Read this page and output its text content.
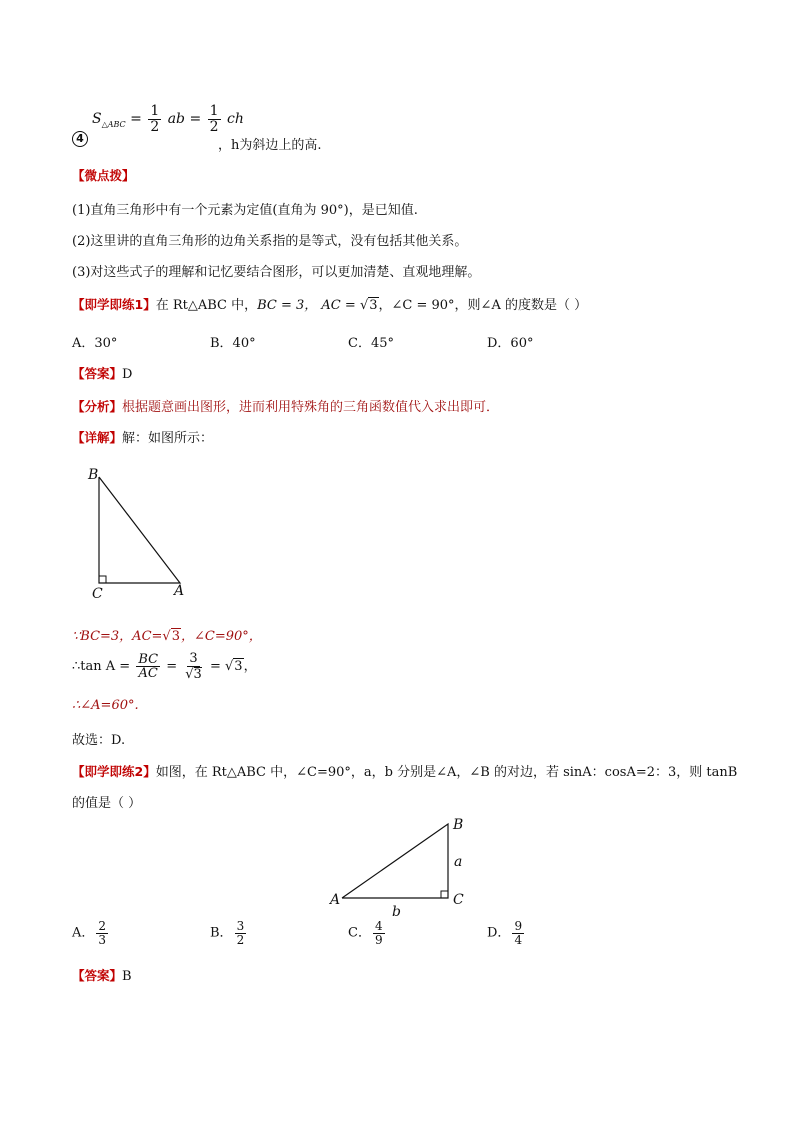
4
$S_{\triangle ABC} = \frac{1}{2}$ ab = $\frac{1}{2}$ ch
，h为斜边上的高.
【微点拨】
(1)直角三角形中有一个元素为定值(直角为 90°)，是已知值.
(2)这里讲的直角三角形的边角关系指的是等式，没有包括其他关系。
(3)对这些式子的理解和记忆要结合图形，可以更加清楚、直观地理解。
【即学即练1】在 Rt△ABC 中，BC = 3， AC = √3，∠C = 90°，则∠A 的度数是（ ）
A．30°	B．40°	C．45°	D．60°
【答案】D
【分析】根据题意画出图形，进而利用特殊角的三角函数值代入求出即可．
【详解】解：如图所示：
B
C	A
∵BC=3，AC=√3，∠C=90°，
∴tan $A = \frac{BC}{AC} = \frac{3}{√3} = √3$，
∴∠A=60°.
故选：D.
【即学即练2】如图，在 Rt△ABC 中，∠C=90°，a，b 分别是∠A，∠B 的对边，若 sinA：cosA=2：3，则 tanB
的值是（ ）
B
a
A
b
C
A． $\frac{2}{3}$	B． $\frac{3}{2}$	C． $\frac{4}{9}$	D． $\frac{9}{4}$
【答案】B
